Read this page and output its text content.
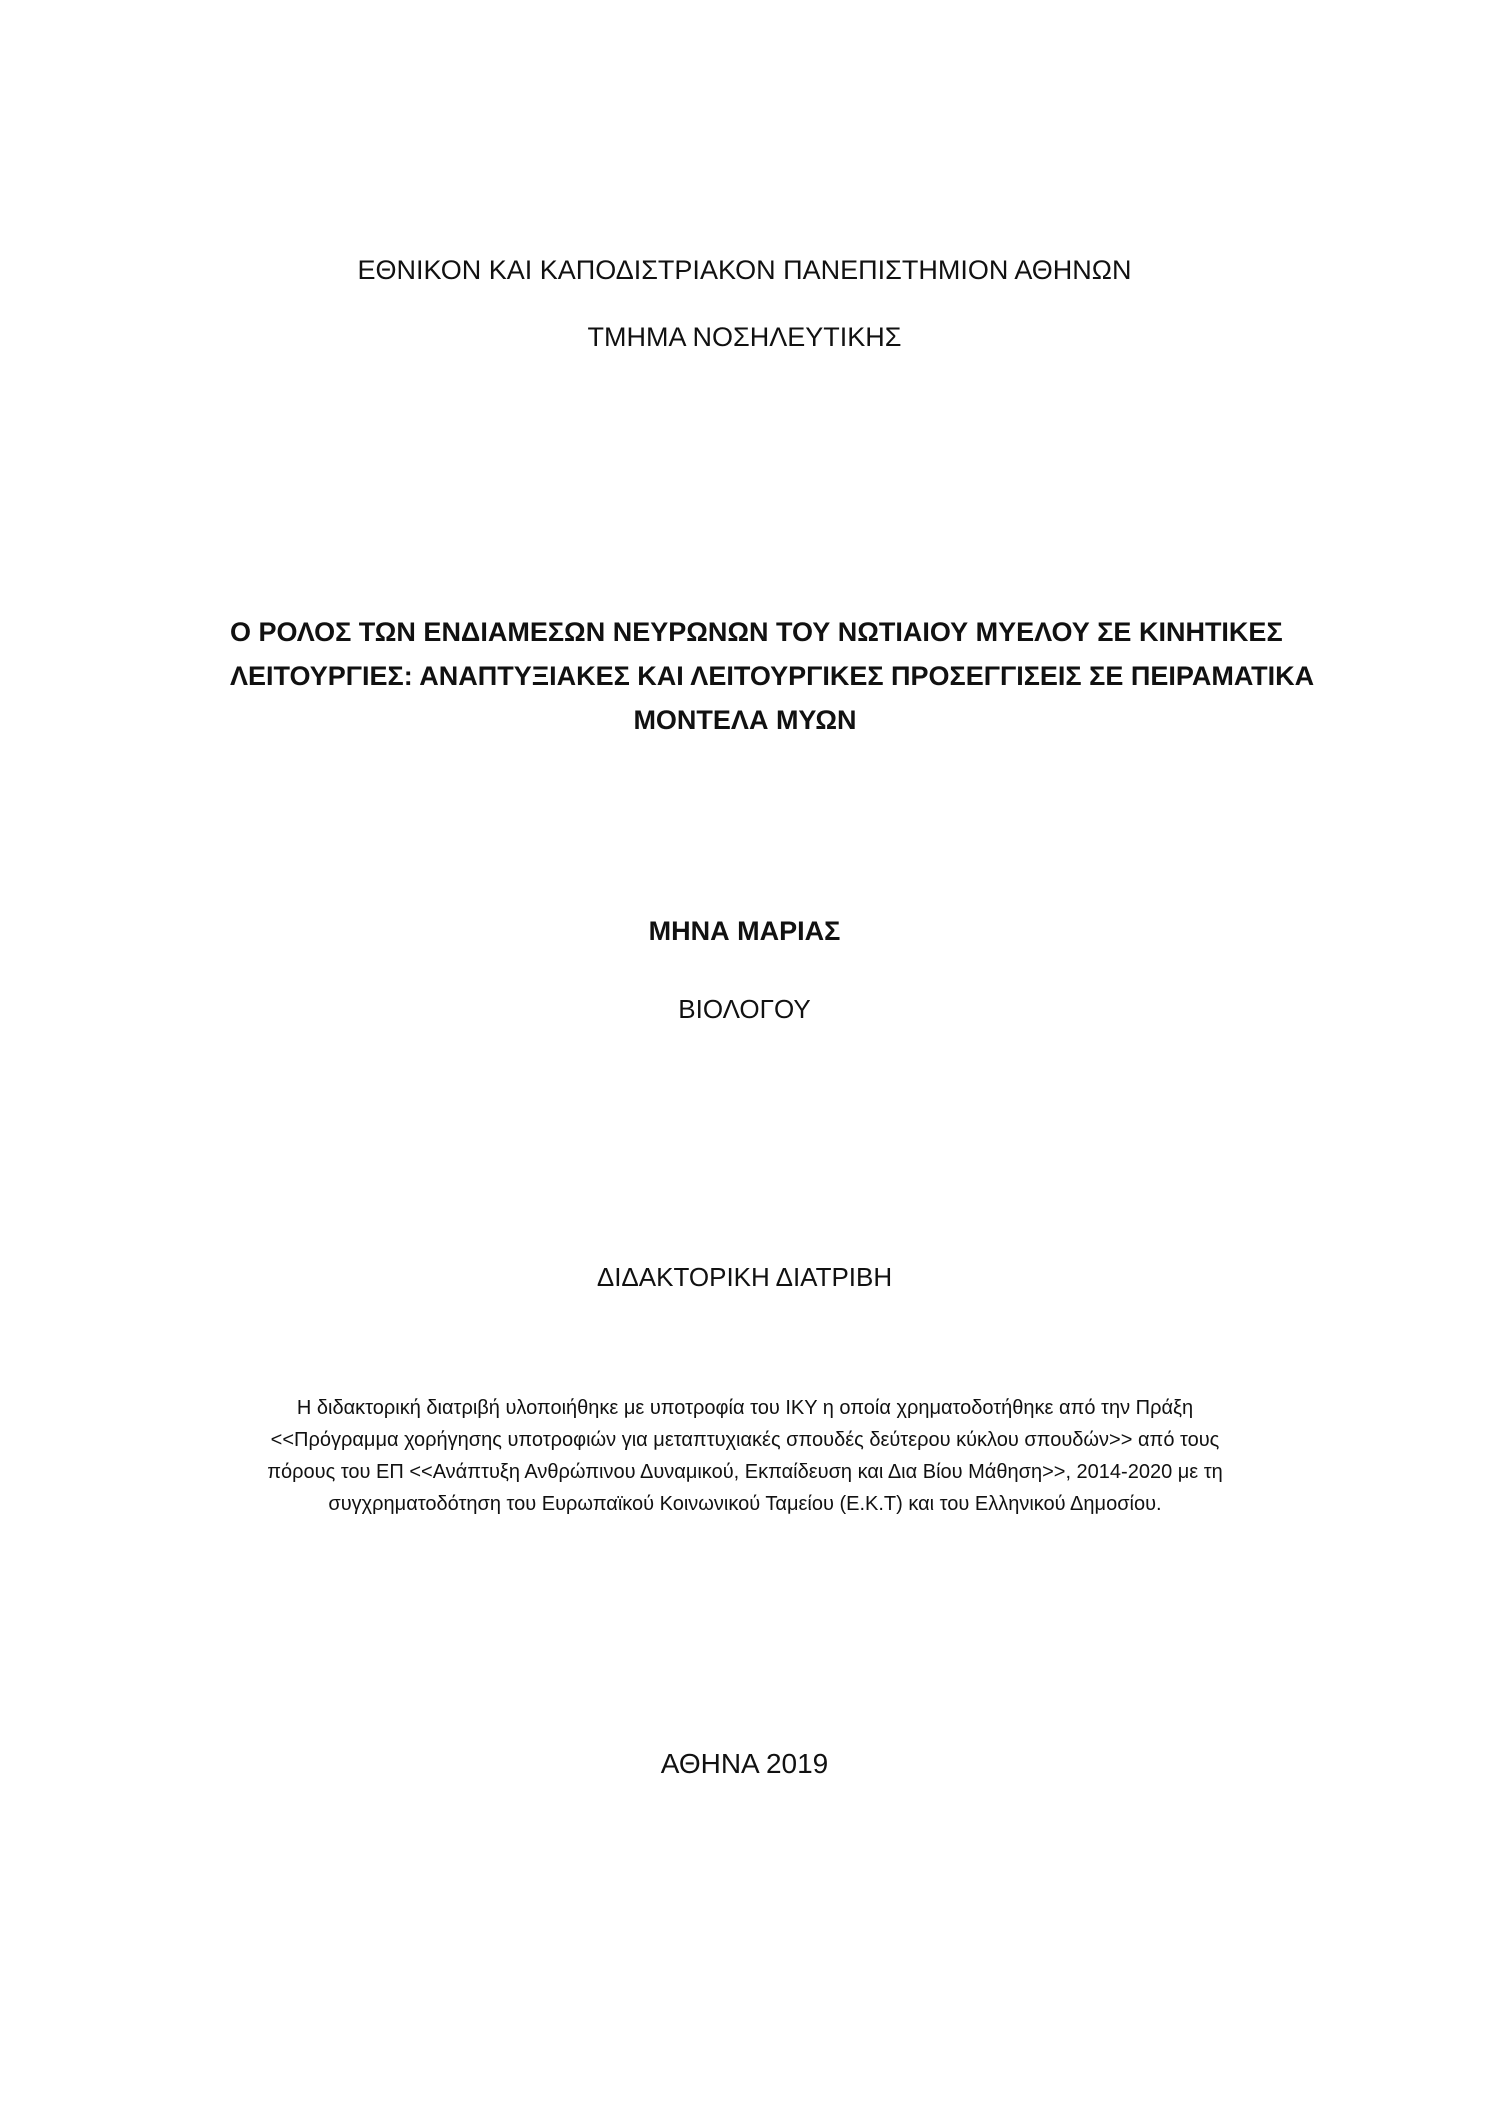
ΕΘΝΙΚΟΝ ΚΑΙ ΚΑΠΟΔΙΣΤΡΙΑΚΟΝ ΠΑΝΕΠΙΣΤΗΜΙΟΝ ΑΘΗΝΩΝ
ΤΜΗΜΑ ΝΟΣΗΛΕΥΤΙΚΗΣ
Ο ΡΟΛΟΣ ΤΩΝ ΕΝΔΙΑΜΕΣΩΝ ΝΕΥΡΩΝΩΝ ΤΟΥ ΝΩΤΙΑΙΟΥ ΜΥΕΛΟΥ ΣΕ ΚΙΝΗΤΙΚΕΣ
ΛΕΙΤΟΥΡΓΙΕΣ: ΑΝΑΠΤΥΞΙΑΚΕΣ ΚΑΙ ΛΕΙΤΟΥΡΓΙΚΕΣ ΠΡΟΣΕΓΓΙΣΕΙΣ ΣΕ ΠΕΙΡΑΜΑΤΙΚΑ
ΜΟΝΤΕΛΑ ΜΥΩΝ
ΜΗΝΑ ΜΑΡΙΑΣ
ΒΙΟΛΟΓΟΥ
ΔΙΔΑΚΤΟΡΙΚΗ ΔΙΑΤΡΙΒΗ
Η διδακτορική διατριβή υλοποιήθηκε με υποτροφία του ΙΚΥ η οποία χρηματοδοτήθηκε από την Πράξη
<<Πρόγραμμα χορήγησης υποτροφιών για μεταπτυχιακές σπουδές δεύτερου κύκλου σπουδών>> από τους
πόρους του ΕΠ <<Ανάπτυξη Ανθρώπινου Δυναμικού, Εκπαίδευση και Δια Βίου Μάθηση>>, 2014-2020 με τη
συγχρηματοδότηση του Ευρωπαϊκού Κοινωνικού Ταμείου (Ε.Κ.Τ) και του Ελληνικού Δημοσίου.
ΑΘΗΝΑ 2019
